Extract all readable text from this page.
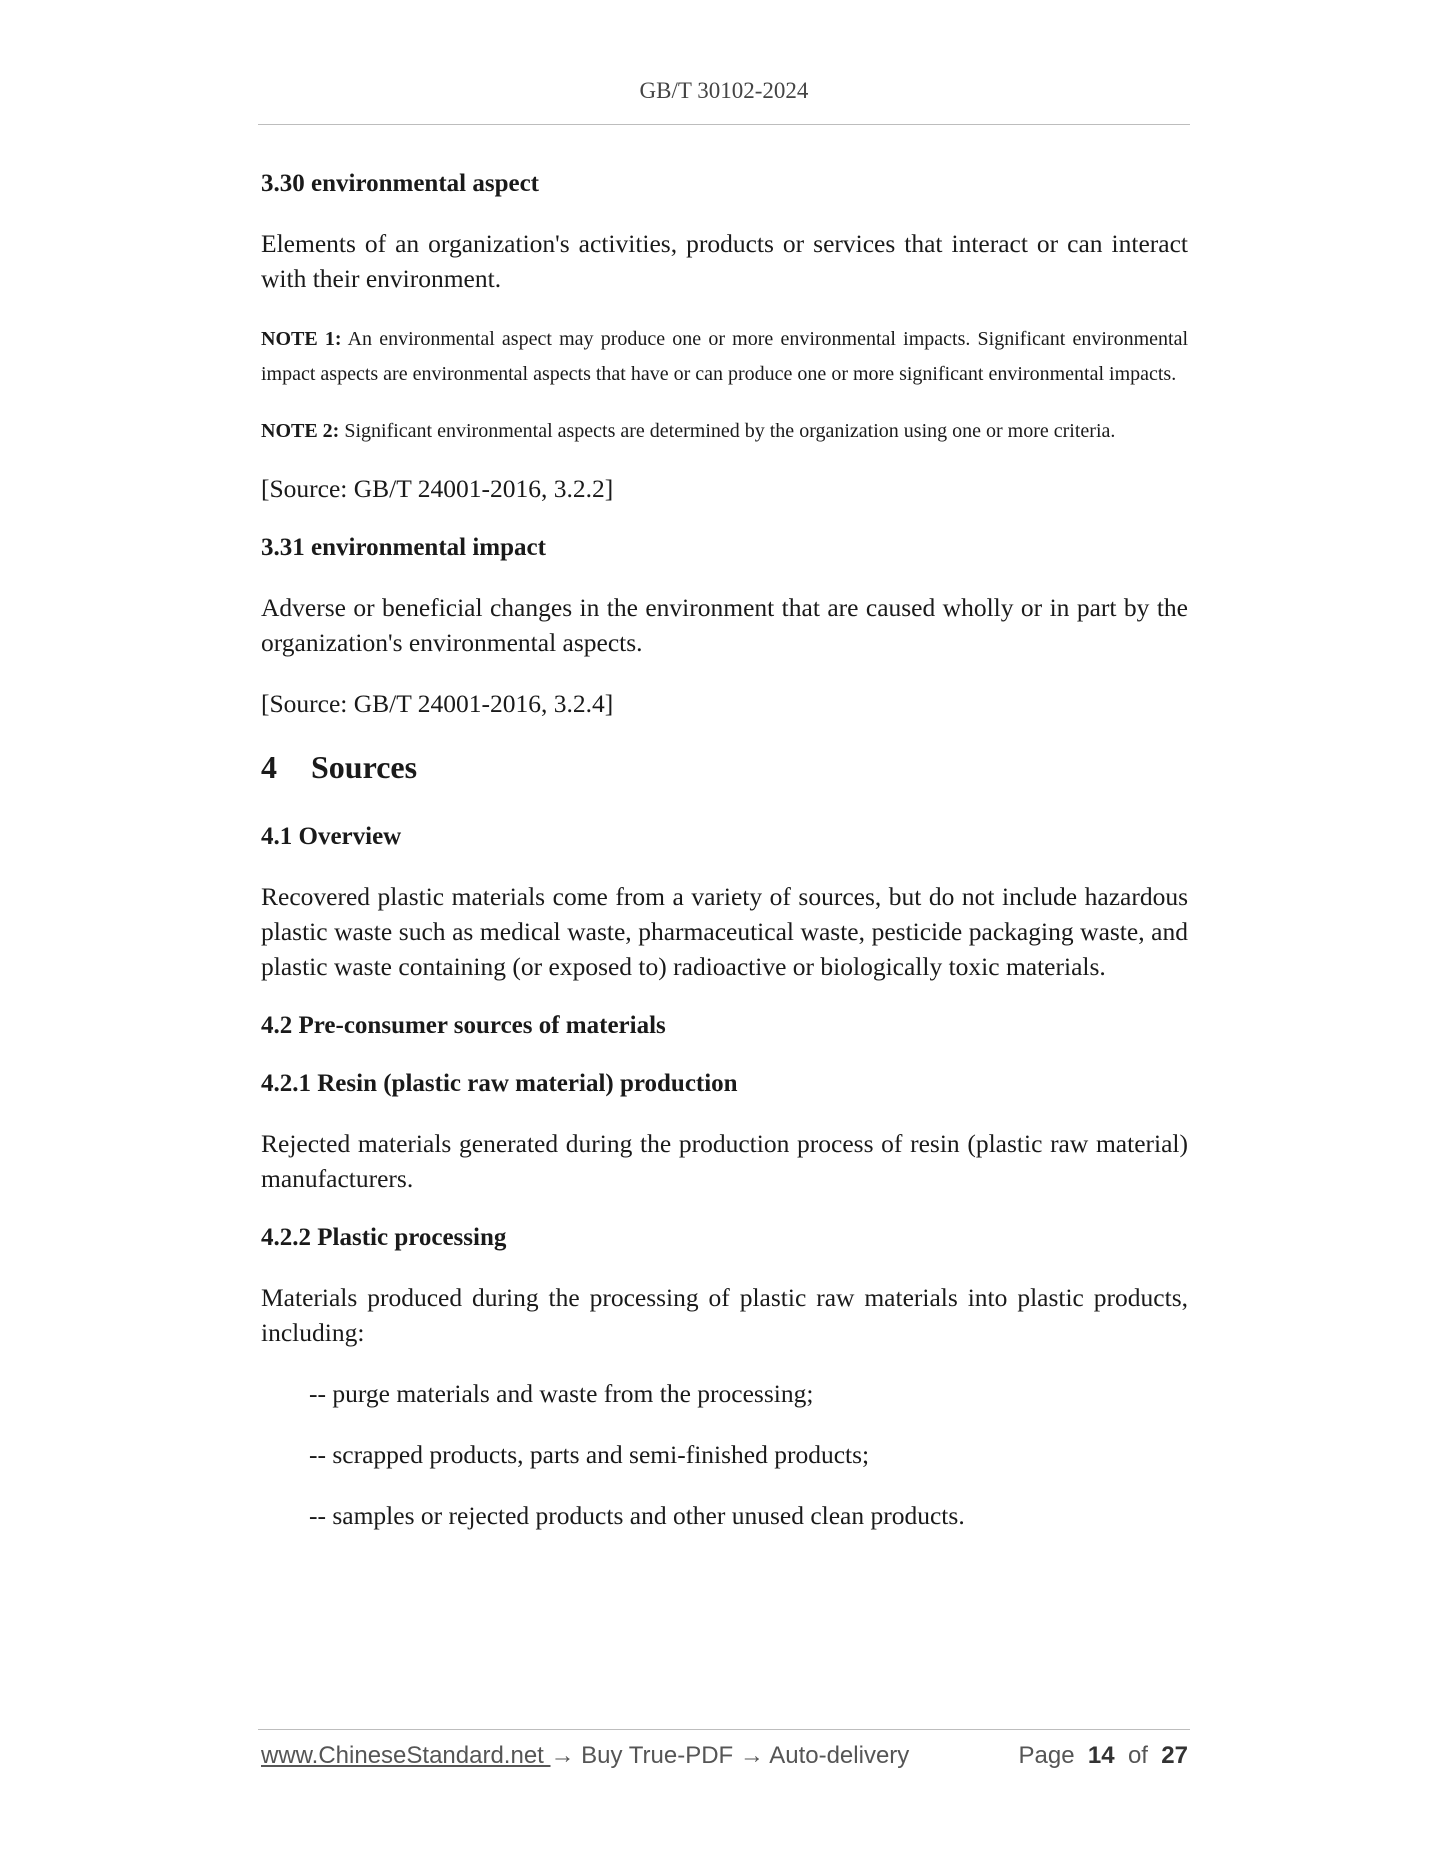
GB/T 30102-2024
3.30 environmental aspect
Elements of an organization's activities, products or services that interact or can interact with their environment.
NOTE 1: An environmental aspect may produce one or more environmental impacts. Significant environmental impact aspects are environmental aspects that have or can produce one or more significant environmental impacts.
NOTE 2: Significant environmental aspects are determined by the organization using one or more criteria.
[Source: GB/T 24001-2016, 3.2.2]
3.31 environmental impact
Adverse or beneficial changes in the environment that are caused wholly or in part by the organization's environmental aspects.
[Source: GB/T 24001-2016, 3.2.4]
4 Sources
4.1 Overview
Recovered plastic materials come from a variety of sources, but do not include hazardous plastic waste such as medical waste, pharmaceutical waste, pesticide packaging waste, and plastic waste containing (or exposed to) radioactive or biologically toxic materials.
4.2 Pre-consumer sources of materials
4.2.1 Resin (plastic raw material) production
Rejected materials generated during the production process of resin (plastic raw material) manufacturers.
4.2.2 Plastic processing
Materials produced during the processing of plastic raw materials into plastic products, including:
-- purge materials and waste from the processing;
-- scrapped products, parts and semi-finished products;
-- samples or rejected products and other unused clean products.
www.ChineseStandard.net → Buy True-PDF → Auto-delivery	Page 14 of 27
